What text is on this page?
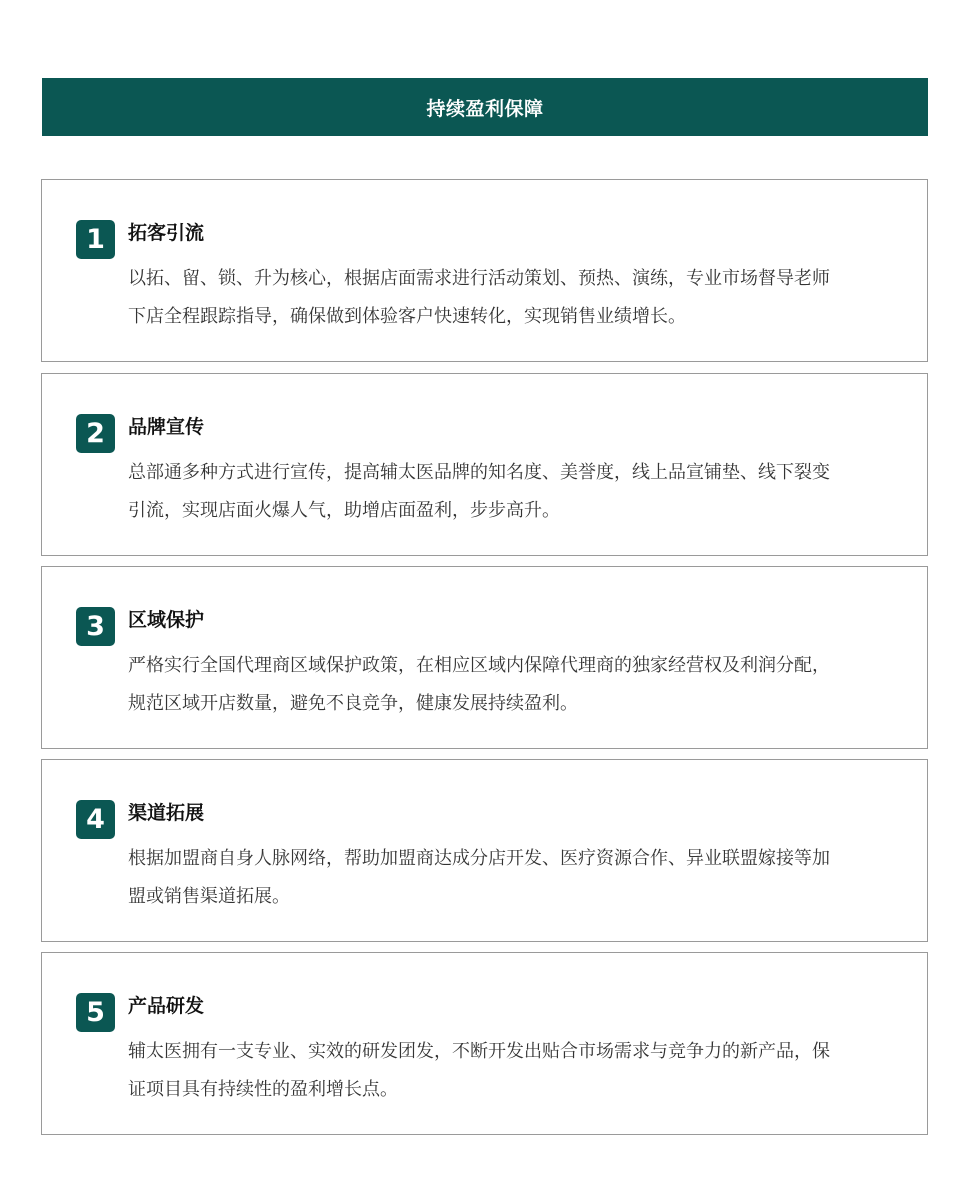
持续盈利保障
1	拓客引流
以拓、留、锁、升为核心，根据店面需求进行活动策划、预热、演练，专业市场督导老师下店全程跟踪指导，确保做到体验客户快速转化，实现销售业绩增长。
2	品牌宣传
总部通多种方式进行宣传，提高辅太医品牌的知名度、美誉度，线上品宣铺垫、线下裂变引流，实现店面火爆人气，助增店面盈利，步步高升。
3	区域保护
严格实行全国代理商区域保护政策，在相应区域内保障代理商的独家经营权及利润分配，规范区域开店数量，避免不良竞争，健康发展持续盈利。
4	渠道拓展
根据加盟商自身人脉网络，帮助加盟商达成分店开发、医疗资源合作、异业联盟嫁接等加盟或销售渠道拓展。
5	产品研发
辅太医拥有一支专业、实效的研发团发，不断开发出贴合市场需求与竞争力的新产品，保证项目具有持续性的盈利增长点。
